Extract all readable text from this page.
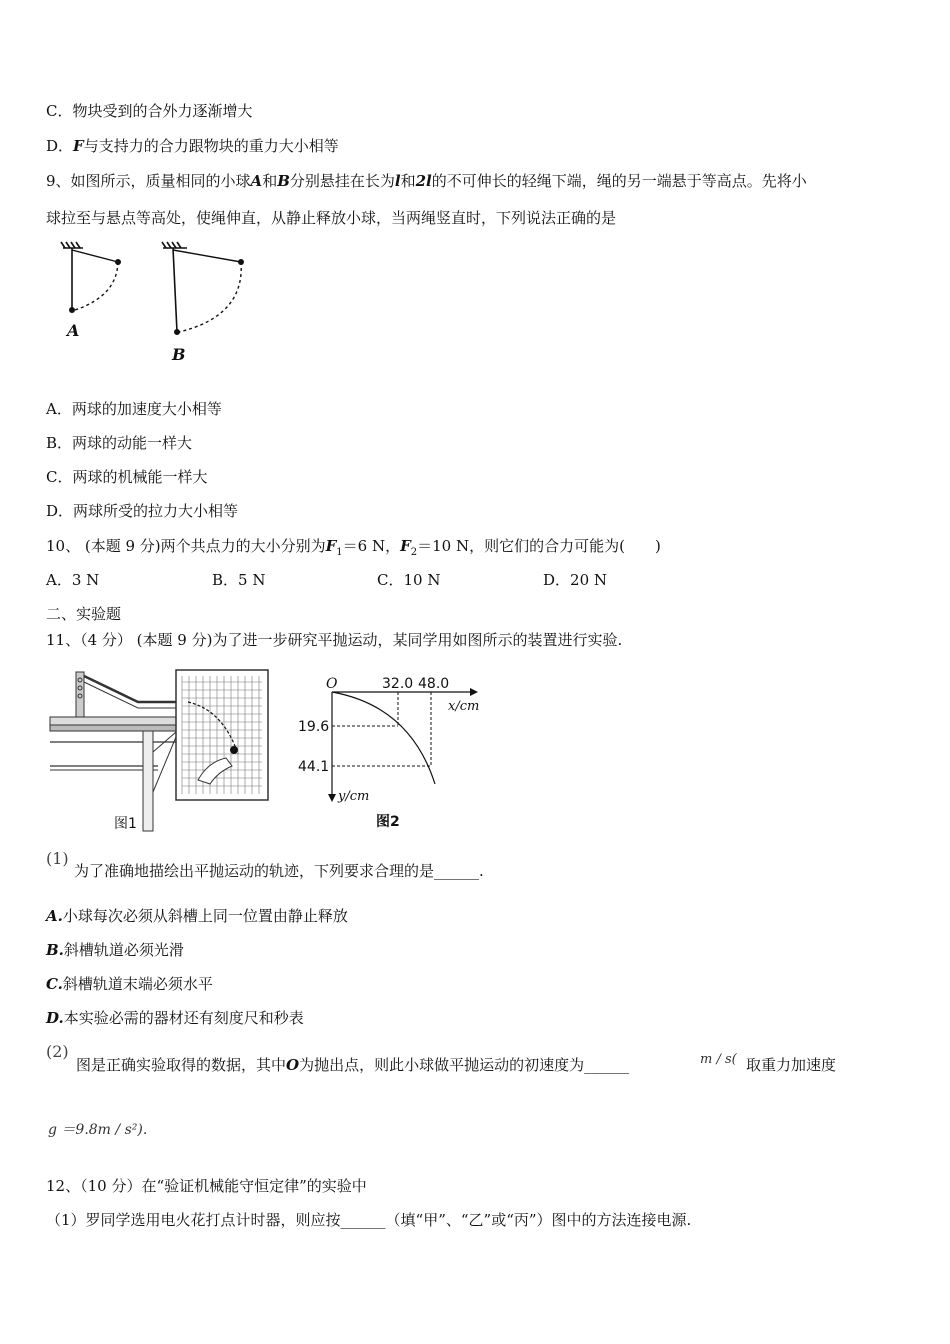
C．物块受到的合外力逐渐增大
D．F与支持力的合力跟物块的重力大小相等
9、如图所示，质量相同的小球A和B分别悬挂在长为l和2l的不可伸长的轻绳下端，绳的另一端悬于等高点。先将小
球拉至与悬点等高处，使绳伸直，从静止释放小球，当两绳竖直时，下列说法正确的是
A
B
A．两球的加速度大小相等
B．两球的动能一样大
C．两球的机械能一样大
D．两球所受的拉力大小相等
10、 (本题 9 分)两个共点力的大小分别为$F_1=6$ N，$F_2=10$ N，则它们的合力可能为(　　)
A．3 N	B．5 N	C．10 N	D．20 N
二、实验题
11、（4 分） (本题 9 分)为了进一步研究平抛运动，某同学用如图所示的装置进行实验.
图1
O	32.0 48.0
x/cm
19.6
44.1
y/cm
图2
(1)
为了准确地描绘出平抛运动的轨迹，下列要求合理的是______.
A.小球每次必须从斜槽上同一位置由静止释放
B.斜槽轨道必须光滑
C.斜槽轨道末端必须水平
D.本实验必需的器材还有刻度尺和秒表
(2)
图是正确实验取得的数据，其中O为抛出点，则此小球做平抛运动的初速度为______	m / s( 取重力加速度
g ＝9.8m / s²).
12、（10 分）在“验证机械能守恒定律”的实验中
（1）罗同学选用电火花打点计时器，则应按______（填“甲”、“乙”或“丙”）图中的方法连接电源.
